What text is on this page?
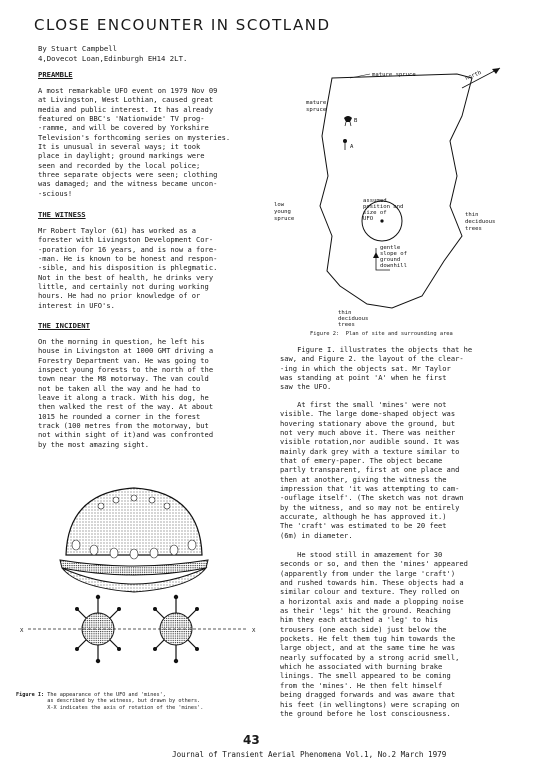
CLOSE ENCOUNTER IN SCOTLAND
By Stuart Campbell
4,Dovecot Loan,Edinburgh EH14 2LT.
PREAMBLE
A most remarkable UFO event on 1979 Nov 09
at Livingston, West Lothian, caused great
media and public interest. It has already
featured on BBC's 'Nationwide' TV prog-
-ramme, and will be covered by Yorkshire
Television's forthcoming series on mysteries.
It is unusual in several ways; it took
place in daylight; ground markings were
seen and recorded by the local police;
three separate objects were seen; clothing
was damaged; and the witness became uncon-
-scious!
THE WITNESS
Mr Robert Taylor (61) has worked as a
forester with Livingston Development Cor-
-poration for 16 years, and is now a fore-
-man. He is known to be honest and respon-
-sible, and his disposition is phlegmatic.
Not in the best of health, he drinks very
little, and certainly not during working
hours. He had no prior knowledge of or
interest in UFO's.
THE INCIDENT
On the morning in question, he left his
house in Livingston at 1000 GMT driving a
Forestry Department van. He was going to
inspect young forests to the north of the
town near the M8 motorway. The van could
not be taken all the way and he had to
leave it along a track. With his dog, he
then walked the rest of the way. At about
1015 he rounded a corner in the forest
track (100 metres from the motorway, but
not within sight of it)and was confronted
by the most amazing sight.
X	X
Figure I: The appearance of the UFO and 'mines',
as described by the witness, but drawn by others.
X-X indicates the axis of rotation of the 'mines'.
north
mature spruce
mature
spruce
B
A
low
young
spruce
assumed
position and
size of
UFO
thin
deciduous
trees
gentle
slope of
ground
downhill
thin
deciduous
trees
Figure 2:  Plan of site and surrounding area
Figure I. illustrates the objects that he
saw, and Figure 2. the layout of the clear-
-ing in which the objects sat. Mr Taylor
was standing at point 'A' when he first
saw the UFO.
At first the small 'mines' were not
visible. The large dome-shaped object was
hovering stationary above the ground, but
not very much above it. There was neither
visible rotation,nor audible sound. It was
mainly dark grey with a texture similar to
that of emery-paper. The object became
partly transparent, first at one place and
then at another, giving the witness the
impression that 'it was attempting to cam-
-ouflage itself'. (The sketch was not drawn
by the witness, and so may not be entirely
accurate, although he has approved it.)
The 'craft' was estimated to be 20 feet
(6m) in diameter.
He stood still in amazement for 30
seconds or so, and then the 'mines' appeared
(apparently from under the large 'craft')
and rushed towards him. These objects had a
similar colour and texture. They rolled on
a horizontal axis and made a plopping noise
as their 'legs' hit the ground. Reaching
him they each attached a 'leg' to his
trousers (one each side) just below the
pockets. He felt them tug him towards the
large object, and at the same time he was
nearly suffocated by a strong acrid smell,
which he associated with burning brake
linings. The smell appeared to be coming
from the 'mines'. He then felt himself
being dragged forwards and was aware that
his feet (in wellingtons) were scraping on
the ground before he lost consciousness.
43
Journal of Transient Aerial Phenomena Vol.1, No.2 March 1979
